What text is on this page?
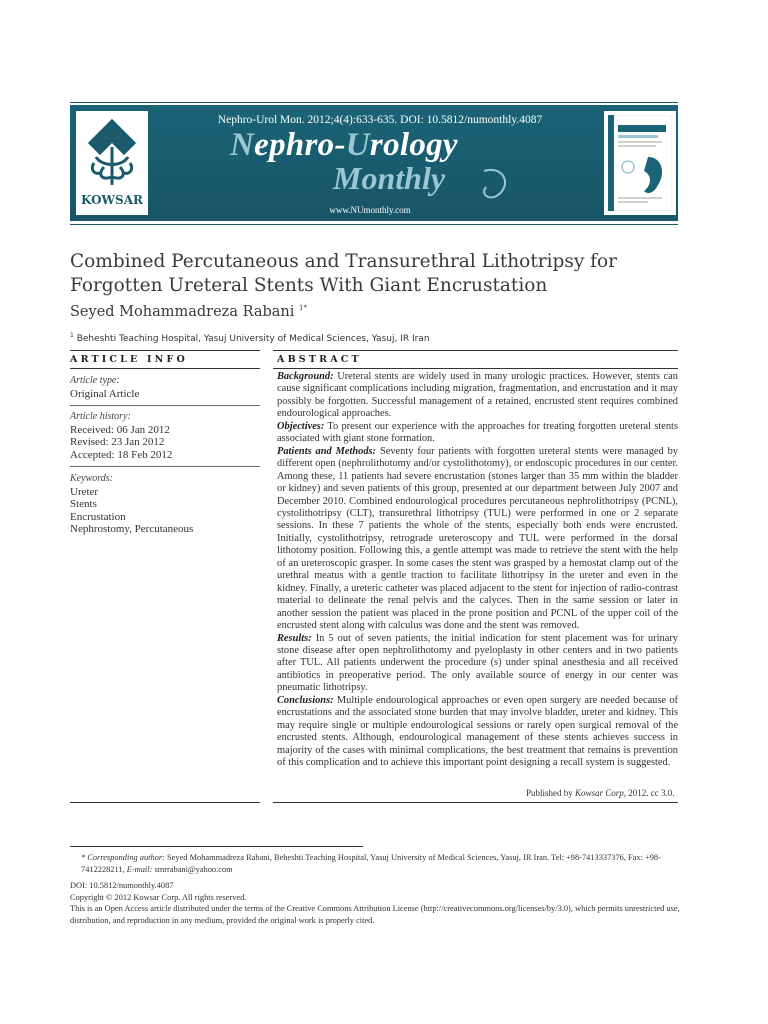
KOWSAR
Nephro-Urol Mon. 2012;4(4):633-635. DOI: 10.5812/numonthly.4087
Nephro-Urology
Monthly
www.NUmonthly.com
Combined Percutaneous and Transurethral Lithotripsy for Forgotten Ureteral Stents With Giant Encrustation
Seyed Mohammadreza Rabani $^{1*}$
$^1$ Beheshti Teaching Hospital, Yasuj University of Medical Sciences, Yasuj, IR Iran
ARTICLE INFO	ABSTRACT
Article type:
Original Article
Article history:
Received: 06 Jan 2012
Revised: 23 Jan 2012
Accepted: 18 Feb 2012
Keywords:
Ureter
Stents
Encrustation
Nephrostomy, Percutaneous

Background: Ureteral stents are widely used in many urologic practices. However, stents can cause significant complications including migration, fragmentation, and encrustation and it may possibly be forgotten. Successful management of a retained, encrusted stent requires combined endourological approaches.

Objectives: To present our experience with the approaches for treating forgotten ureteral stents associated with giant stone formation.

Patients and Methods: Seventy four patients with forgotten ureteral stents were managed by different open (nephrolithotomy and/or cystolithotomy), or endoscopic procedures in our center. Among these, 11 patients had severe encrustation (stones larger than 35 mm within the bladder or kidney) and seven patients of this group, presented at our department between July 2007 and December 2010. Combined endourological procedures percutaneous nephrolithotripsy (PCNL), cystolithotripsy (CLT), transurethral lithotripsy (TUL) were performed in one or 2 separate sessions. In these 7 patients the whole of the stents, especially both ends were encrusted. Initially, cystolithotripsy, retrograde ureteroscopy and TUL were performed in the dorsal lithotomy position. Following this, a gentle attempt was made to retrieve the stent with the help of an ureteroscopic grasper. In some cases the stent was grasped by a hemostat clamp out of the urethral meatus with a gentle traction to facilitate lithotripsy in the ureter and even in the kidney. Finally, a ureteric catheter was placed adjacent to the stent for injection of radio-contrast material to delineate the renal pelvis and the calyces. Then in the same session or later in another session the patient was placed in the prone position and PCNL of the upper coil of the encrusted stent along with calculus was done and the stent was removed.

Results: In 5 out of seven patients, the initial indication for stent placement was for urinary stone disease after open nephrolithotomy and pyeloplasty in other centers and in two patients after TUL. All patients underwent the procedure (s) under spinal anesthesia and all received antibiotics in preoperative period. The only available source of energy in our center was pneumatic lithotripsy.

Conclusions: Multiple endourological approaches or even open surgery are needed because of encrustations and the associated stone burden that may involve bladder, ureter and kidney. This may require single or multiple endourological sessions or rarely open surgical removal of the encrusted stents. Although, endourological management of these stents achieves success in majority of the cases with minimal complications, the best treatment that remains is prevention of this complication and to achieve this important point designing a recall system is suggested.

Published by Kowsar Corp, 2012. cc 3.0.

* Corresponding author: Seyed Mohammadreza Rabani, Beheshti Teaching Hospital, Yasuj University of Medical Sciences, Yasuj, IR Iran. Tel: +98-7413337376, Fax: +98-7412228211, E-mail: smrrabani@yahoo.com

DOI: 10.5812/numonthly.4087

Copyright © 2012 Kowsar Corp. All rights reserved.

This is an Open Access article distributed under the terms of the Creative Commons Attribution License (http://creativecommons.org/licenses/by/3.0), which permits unrestricted use, distribution, and reproduction in any medium, provided the original work is properly cited.
